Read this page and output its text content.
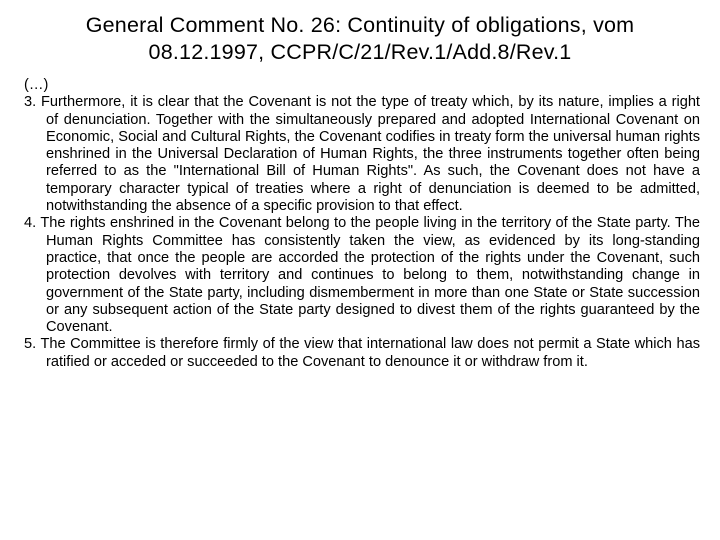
General Comment No. 26: Continuity of obligations, vom 08.12.1997, CCPR/C/21/Rev.1/Add.8/Rev.1

(…)

3. Furthermore, it is clear that the Covenant is not the type of treaty which, by its nature, implies a right of denunciation. Together with the simultaneously prepared and adopted International Covenant on Economic, Social and Cultural Rights, the Covenant codifies in treaty form the universal human rights enshrined in the Universal Declaration of Human Rights, the three instruments together often being referred to as the "International Bill of Human Rights". As such, the Covenant does not have a temporary character typical of treaties where a right of denunciation is deemed to be admitted, notwithstanding the absence of a specific provision to that effect.

4. The rights enshrined in the Covenant belong to the people living in the territory of the State party. The Human Rights Committee has consistently taken the view, as evidenced by its long-standing practice, that once the people are accorded the protection of the rights under the Covenant, such protection devolves with territory and continues to belong to them, notwithstanding change in government of the State party, including dismemberment in more than one State or State succession or any subsequent action of the State party designed to divest them of the rights guaranteed by the Covenant.

5. The Committee is therefore firmly of the view that international law does not permit a State which has ratified or acceded or succeeded to the Covenant to denounce it or withdraw from it.
